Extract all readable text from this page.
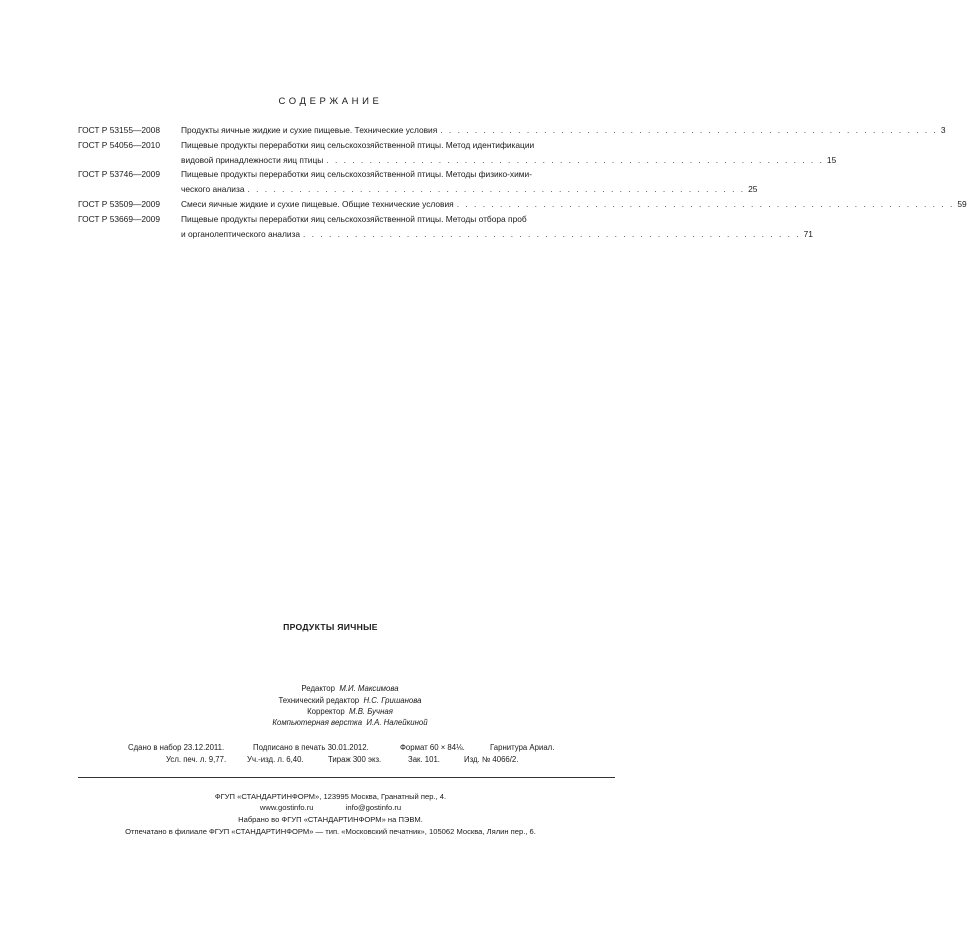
СОДЕРЖАНИЕ
ГОСТ Р 53155—2008	Продукты яичные жидкие и сухие пищевые. Технические условия . . . . . . . . . . . . . . . . . . . . . . . . . . . . . . . . . . . . . . . . . . . . . . . . . . . . . . . . . . 3
ГОСТ Р 54056—2010	Пищевые продукты переработки яиц сельскохозяйственной птицы. Метод идентификации
видовой принадлежности яиц птицы . . . . . . . . . . . . . . . . . . . . . . . . . . . . . . . . . . . . . . . . . . . . . . . . . . . . . . . . . . 15
ГОСТ Р 53746—2009	Пищевые продукты переработки яиц сельскохозяйственной птицы. Методы физико-хими-
ческого анализа . . . . . . . . . . . . . . . . . . . . . . . . . . . . . . . . . . . . . . . . . . . . . . . . . . . . . . . . . . 25
ГОСТ Р 53509—2009	Смеси яичные жидкие и сухие пищевые. Общие технические условия . . . . . . . . . . . . . . . . . . . . . . . . . . . . . . . . . . . . . . . . . . . . . . . . . . . . . . . . . . 59
ГОСТ Р 53669—2009	Пищевые продукты переработки яиц сельскохозяйственной птицы. Методы отбора проб
и органолептического анализа . . . . . . . . . . . . . . . . . . . . . . . . . . . . . . . . . . . . . . . . . . . . . . . . . . . . . . . . . . 71
ПРОДУКТЫ ЯИЧНЫЕ
Редактор М.И. Максимова
Технический редактор Н.С. Гришанова
Корректор М.В. Бучная
Компьютерная верстка И.А. Налейкиной
Сдано в набор 23.12.2011.	Подписано в печать 30.01.2012.	Формат 60 × 84⅛.	Гарнитура Ариал.
Усл. печ. л. 9,77.	Уч.-изд. л. 6,40.	Тираж 300 экз.	Зак. 101.	Изд. № 4066/2.
ФГУП «СТАНДАРТИНФОРМ», 123995 Москва, Гранатный пер., 4.
www.gostinfo.ru	info@gostinfo.ru
Набрано во ФГУП «СТАНДАРТИНФОРМ» на ПЭВМ.
Отпечатано в филиале ФГУП «СТАНДАРТИНФОРМ» — тип. «Московский печатник», 105062 Москва, Лялин пер., 6.
